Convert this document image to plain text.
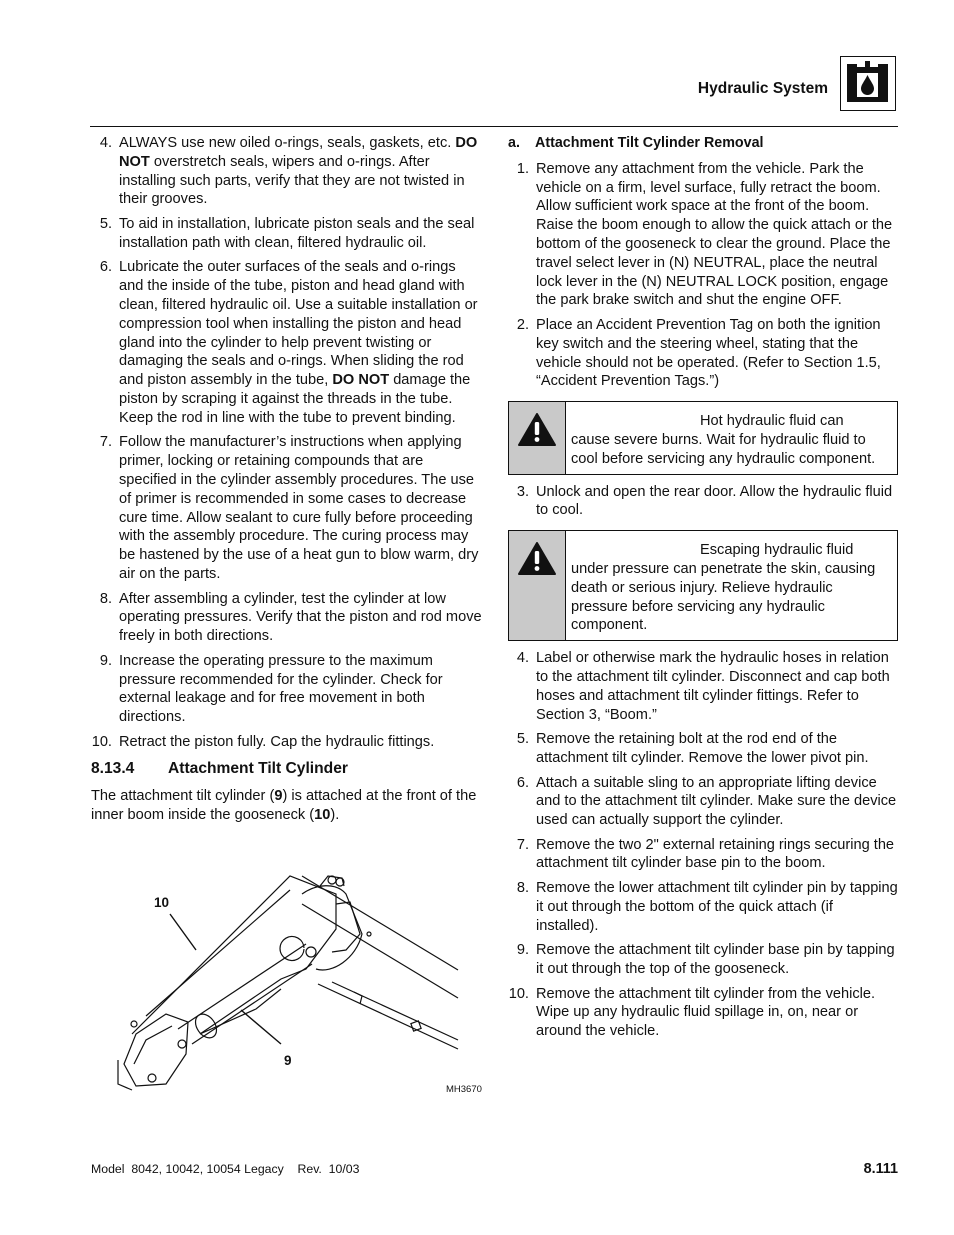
Hydraulic System
4. ALWAYS use new oiled o-rings, seals, gaskets, etc. DO NOT overstretch seals, wipers and o-rings. After installing such parts, verify that they are not twisted in their grooves.
5. To aid in installation, lubricate piston seals and the seal installation path with clean, filtered hydraulic oil.
6. Lubricate the outer surfaces of the seals and o-rings and the inside of the tube, piston and head gland with clean, filtered hydraulic oil. Use a suitable installation or compression tool when installing the piston and head gland into the cylinder to help prevent twisting or damaging the seals and o-rings. When sliding the rod and piston assembly in the tube, DO NOT damage the piston by scraping it against the threads in the tube. Keep the rod in line with the tube to prevent binding.
7. Follow the manufacturer’s instructions when applying primer, locking or retaining compounds that are specified in the cylinder assembly procedures. The use of primer is recommended in some cases to decrease cure time. Allow sealant to cure fully before proceeding with the assembly procedure. The curing process may be hastened by the use of a heat gun to blow warm, dry air on the parts.
8. After assembling a cylinder, test the cylinder at low operating pressures. Verify that the piston and rod move freely in both directions.
9. Increase the operating pressure to the maximum pressure recommended for the cylinder. Check for external leakage and for free movement in both directions.
10. Retract the piston fully. Cap the hydraulic fittings.
8.13.4	Attachment Tilt Cylinder

The attachment tilt cylinder (9) is attached at the front of the inner boom inside the gooseneck (10).

10
9
MH3670
a. Attachment Tilt Cylinder Removal
1. Remove any attachment from the vehicle. Park the vehicle on a firm, level surface, fully retract the boom. Allow sufficient work space at the front of the boom. Raise the boom enough to allow the quick attach or the bottom of the gooseneck to clear the ground. Place the travel select lever in (N) NEUTRAL, place the neutral lock lever in the (N) NEUTRAL LOCK position, engage the park brake switch and shut the engine OFF.
2. Place an Accident Prevention Tag on both the ignition key switch and the steering wheel, stating that the vehicle should not be operated. (Refer to Section 1.5, “Accident Prevention Tags.”)
Hot hydraulic fluid can
cause severe burns. Wait for hydraulic fluid to cool before servicing any hydraulic component.
3. Unlock and open the rear door. Allow the hydraulic fluid to cool.
Escaping hydraulic fluid
under pressure can penetrate the skin, causing death or serious injury. Relieve hydraulic pressure before servicing any hydraulic component.
4. Label or otherwise mark the hydraulic hoses in relation to the attachment tilt cylinder. Disconnect and cap both hoses and attachment tilt cylinder fittings. Refer to Section 3, “Boom.”
5. Remove the retaining bolt at the rod end of the attachment tilt cylinder. Remove the lower pivot pin.
6. Attach a suitable sling to an appropriate lifting device and to the attachment tilt cylinder. Make sure the device used can actually support the cylinder.
7. Remove the two 2" external retaining rings securing the attachment tilt cylinder base pin to the boom.
8. Remove the lower attachment tilt cylinder pin by tapping it out through the bottom of the quick attach (if installed).
9. Remove the attachment tilt cylinder base pin by tapping it out through the top of the gooseneck.
10. Remove the attachment tilt cylinder from the vehicle. Wipe up any hydraulic fluid spillage in, on, near or around the vehicle.
Model  8042, 10042, 10054 Legacy    Rev.  10/03	8.111
